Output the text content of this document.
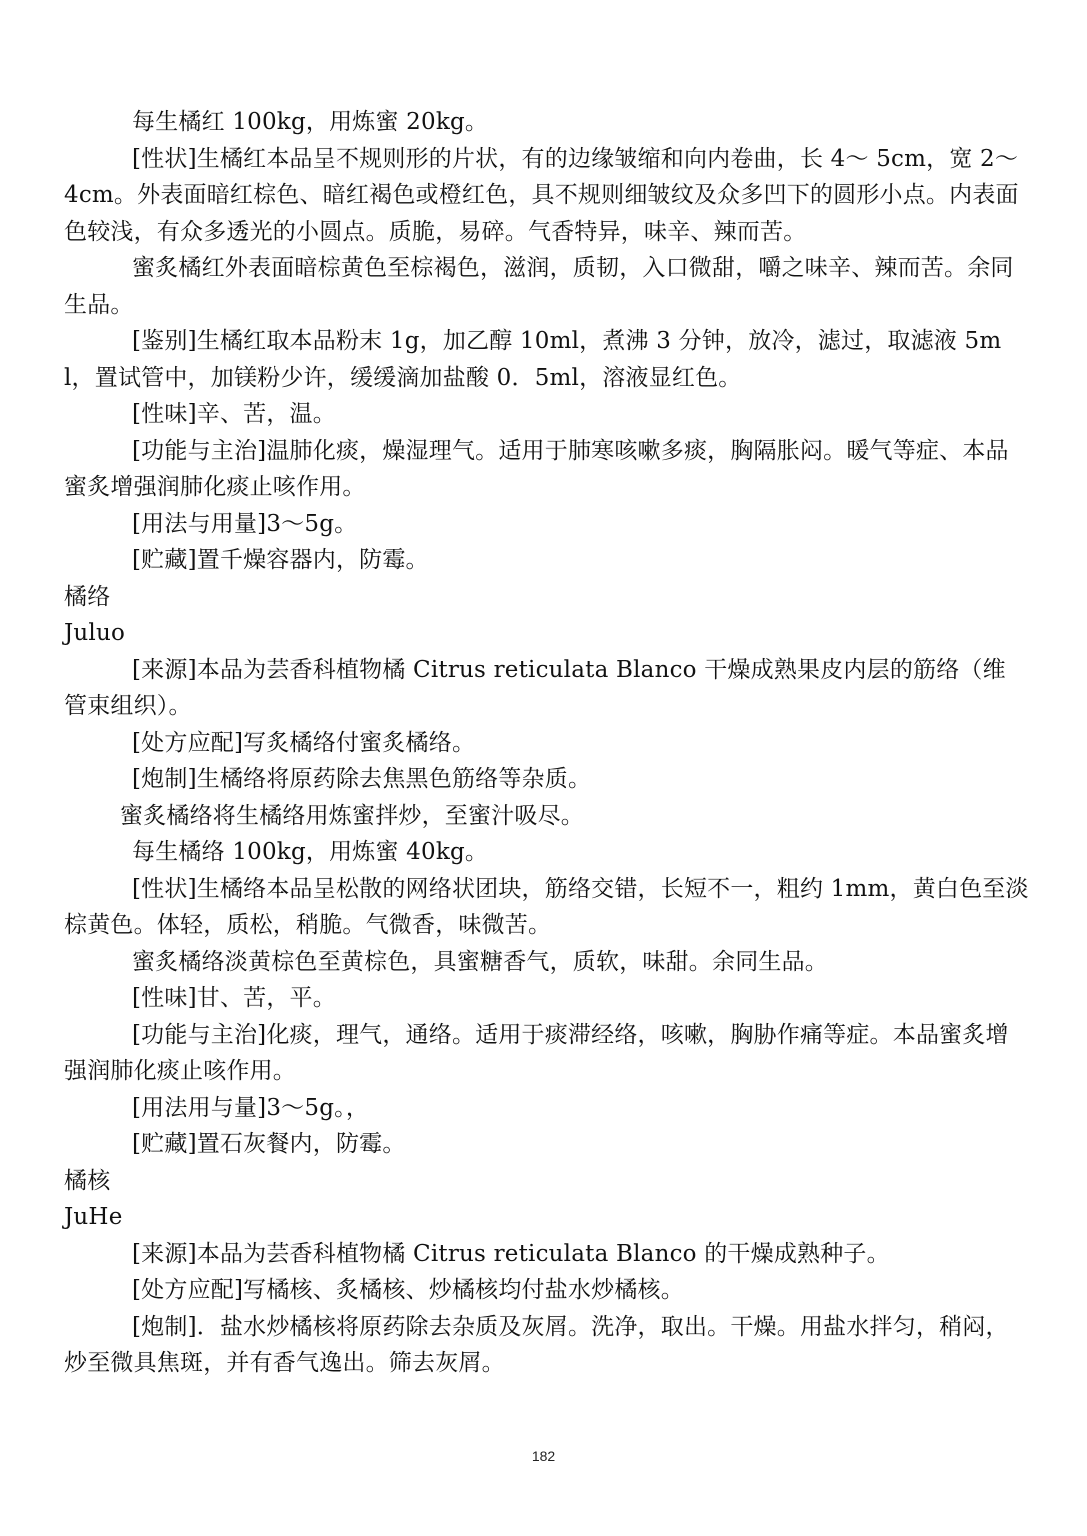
每生橘红 100kg，用炼蜜 20kg。

[性状]生橘红本品呈不规则形的片状，有的边缘皱缩和向内卷曲，长 4～ 5cm，宽 2～4cm。外表面暗红棕色、暗红褐色或橙红色，具不规则细皱纹及众多凹下的圆形小点。内表面色较浅，有众多透光的小圆点。质脆，易碎。气香特异，味辛、辣而苦。

蜜炙橘红外表面暗棕黄色至棕褐色，滋润，质韧，入口微甜，嚼之味辛、辣而苦。余同生品。

[鉴别]生橘红取本品粉末 1g，加乙醇 10ml，煮沸 3 分钟，放冷，滤过，取滤液 5ml，置试管中，加镁粉少许，缓缓滴加盐酸 0．5ml，溶液显红色。

[性味]辛、苦，温。

[功能与主治]温肺化痰，燥湿理气。适用于肺寒咳嗽多痰，胸隔胀闷。暖气等症、本品蜜炙增强润肺化痰止咳作用。

[用法与用量]3～5g。

[贮藏]置千燥容器内，防霉。

橘络

Juluo

[来源]本品为芸香科植物橘 Citrus reticulata Blanco 干燥成熟果皮内层的筋络（维管束组织）。

[处方应配]写炙橘络付蜜炙橘络。

[炮制]生橘络将原药除去焦黑色筋络等杂质。

蜜炙橘络将生橘络用炼蜜拌炒，至蜜汁吸尽。

每生橘络 100kg，用炼蜜 40kg。

[性状]生橘络本品呈松散的网络状团块，筋络交错，长短不一，粗约 1mm，黄白色至淡棕黄色。体轻，质松，稍脆。气微香，味微苦。

蜜炙橘络淡黄棕色至黄棕色，具蜜糖香气，质软，味甜。余同生品。

[性味]甘、苦，平。

[功能与主治]化痰，理气，通络。适用于痰滞经络，咳嗽，胸胁作痛等症。本品蜜炙增强润肺化痰止咳作用。

[用法用与量]3～5g。，

[贮藏]置石灰餐内，防霉。

橘核

JuHe

[来源]本品为芸香科植物橘 Citrus reticulata Blanco 的干燥成熟种子。

[处方应配]写橘核、炙橘核、炒橘核均付盐水炒橘核。

[炮制]．盐水炒橘核将原药除去杂质及灰屑。洗净，取出。干燥。用盐水拌匀，稍闷，炒至微具焦斑，并有香气逸出。筛去灰屑。

182
